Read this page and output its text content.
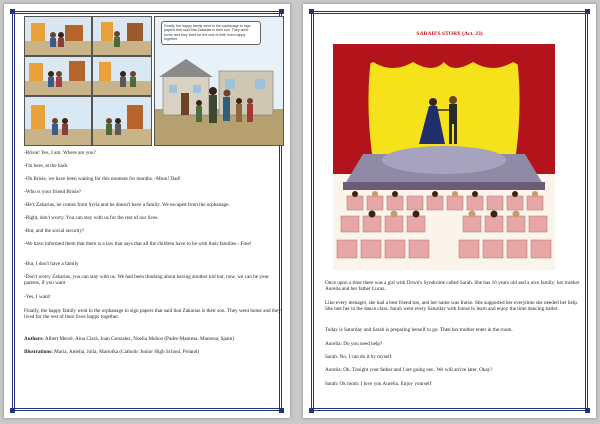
Finally, the happy family went to the orphanage to sign papers that said that Zakarias is their son. They went home and they lived for the rest of their lives happy together.
-Brisie! Yes, I am. Where are you?
-I'm here, at the back
-Oh Brisie, we have been waiting for this moment for months. -Mum! Dad!
-Who is your friend Brisie?
-He's Zakarias, he comes from Syria and he doesn't have a family. We escaped from the orphanage.
-Right, don't worry. You can stay with us for the rest of our lives.
-But, and the social security?
-We have informed them that there is a law that says that all the children have to be with their families - Fine!
-But, I don't have a family
-Don't worry Zakarias, you can stay with us. We had been thinking about having another kid but, now, we can be your parents, if you want
-Yes, I want!
Finally, the happy family went to the orphanage to sign papers that said that Zakarias is their son. They went home and they lived for the rest of their lives happy together.
Authors: Albert Merzè, Aina Clarà, Joan Gonzalez, Noelia Muñoz (Padre-Manresa, Manresa, Spain)
Illustrations: Maria, Amelia, Julia, Mariolka (Catholic Junior High School, Poland)
SARAH'S STORY (Act. 23)
Once upon a time there was a girl with Down's Syndrome called Sarah. She has 16 years old and a nice family: her mother Aurelia and her father Lucas.
Like every teenager, she had a best friend too, and her name was Iratxe. She supported her everytime she needed her help. She met her in the dance class. Sarah went every Saturday with Iratxe to learn and enjoy the time dancing ballet.
Today is Saturday and Sarah is preparing herself to go. Then her mother enter in the room.
Aurelia: Do you need help?
Sarah: No, I can do it by myself.
Aurelia: Ok. Tonight your father and I are going out.. We will arrive later. Okay?
Sarah: Ok mom. I love you Aurelia. Enjoy yourself
